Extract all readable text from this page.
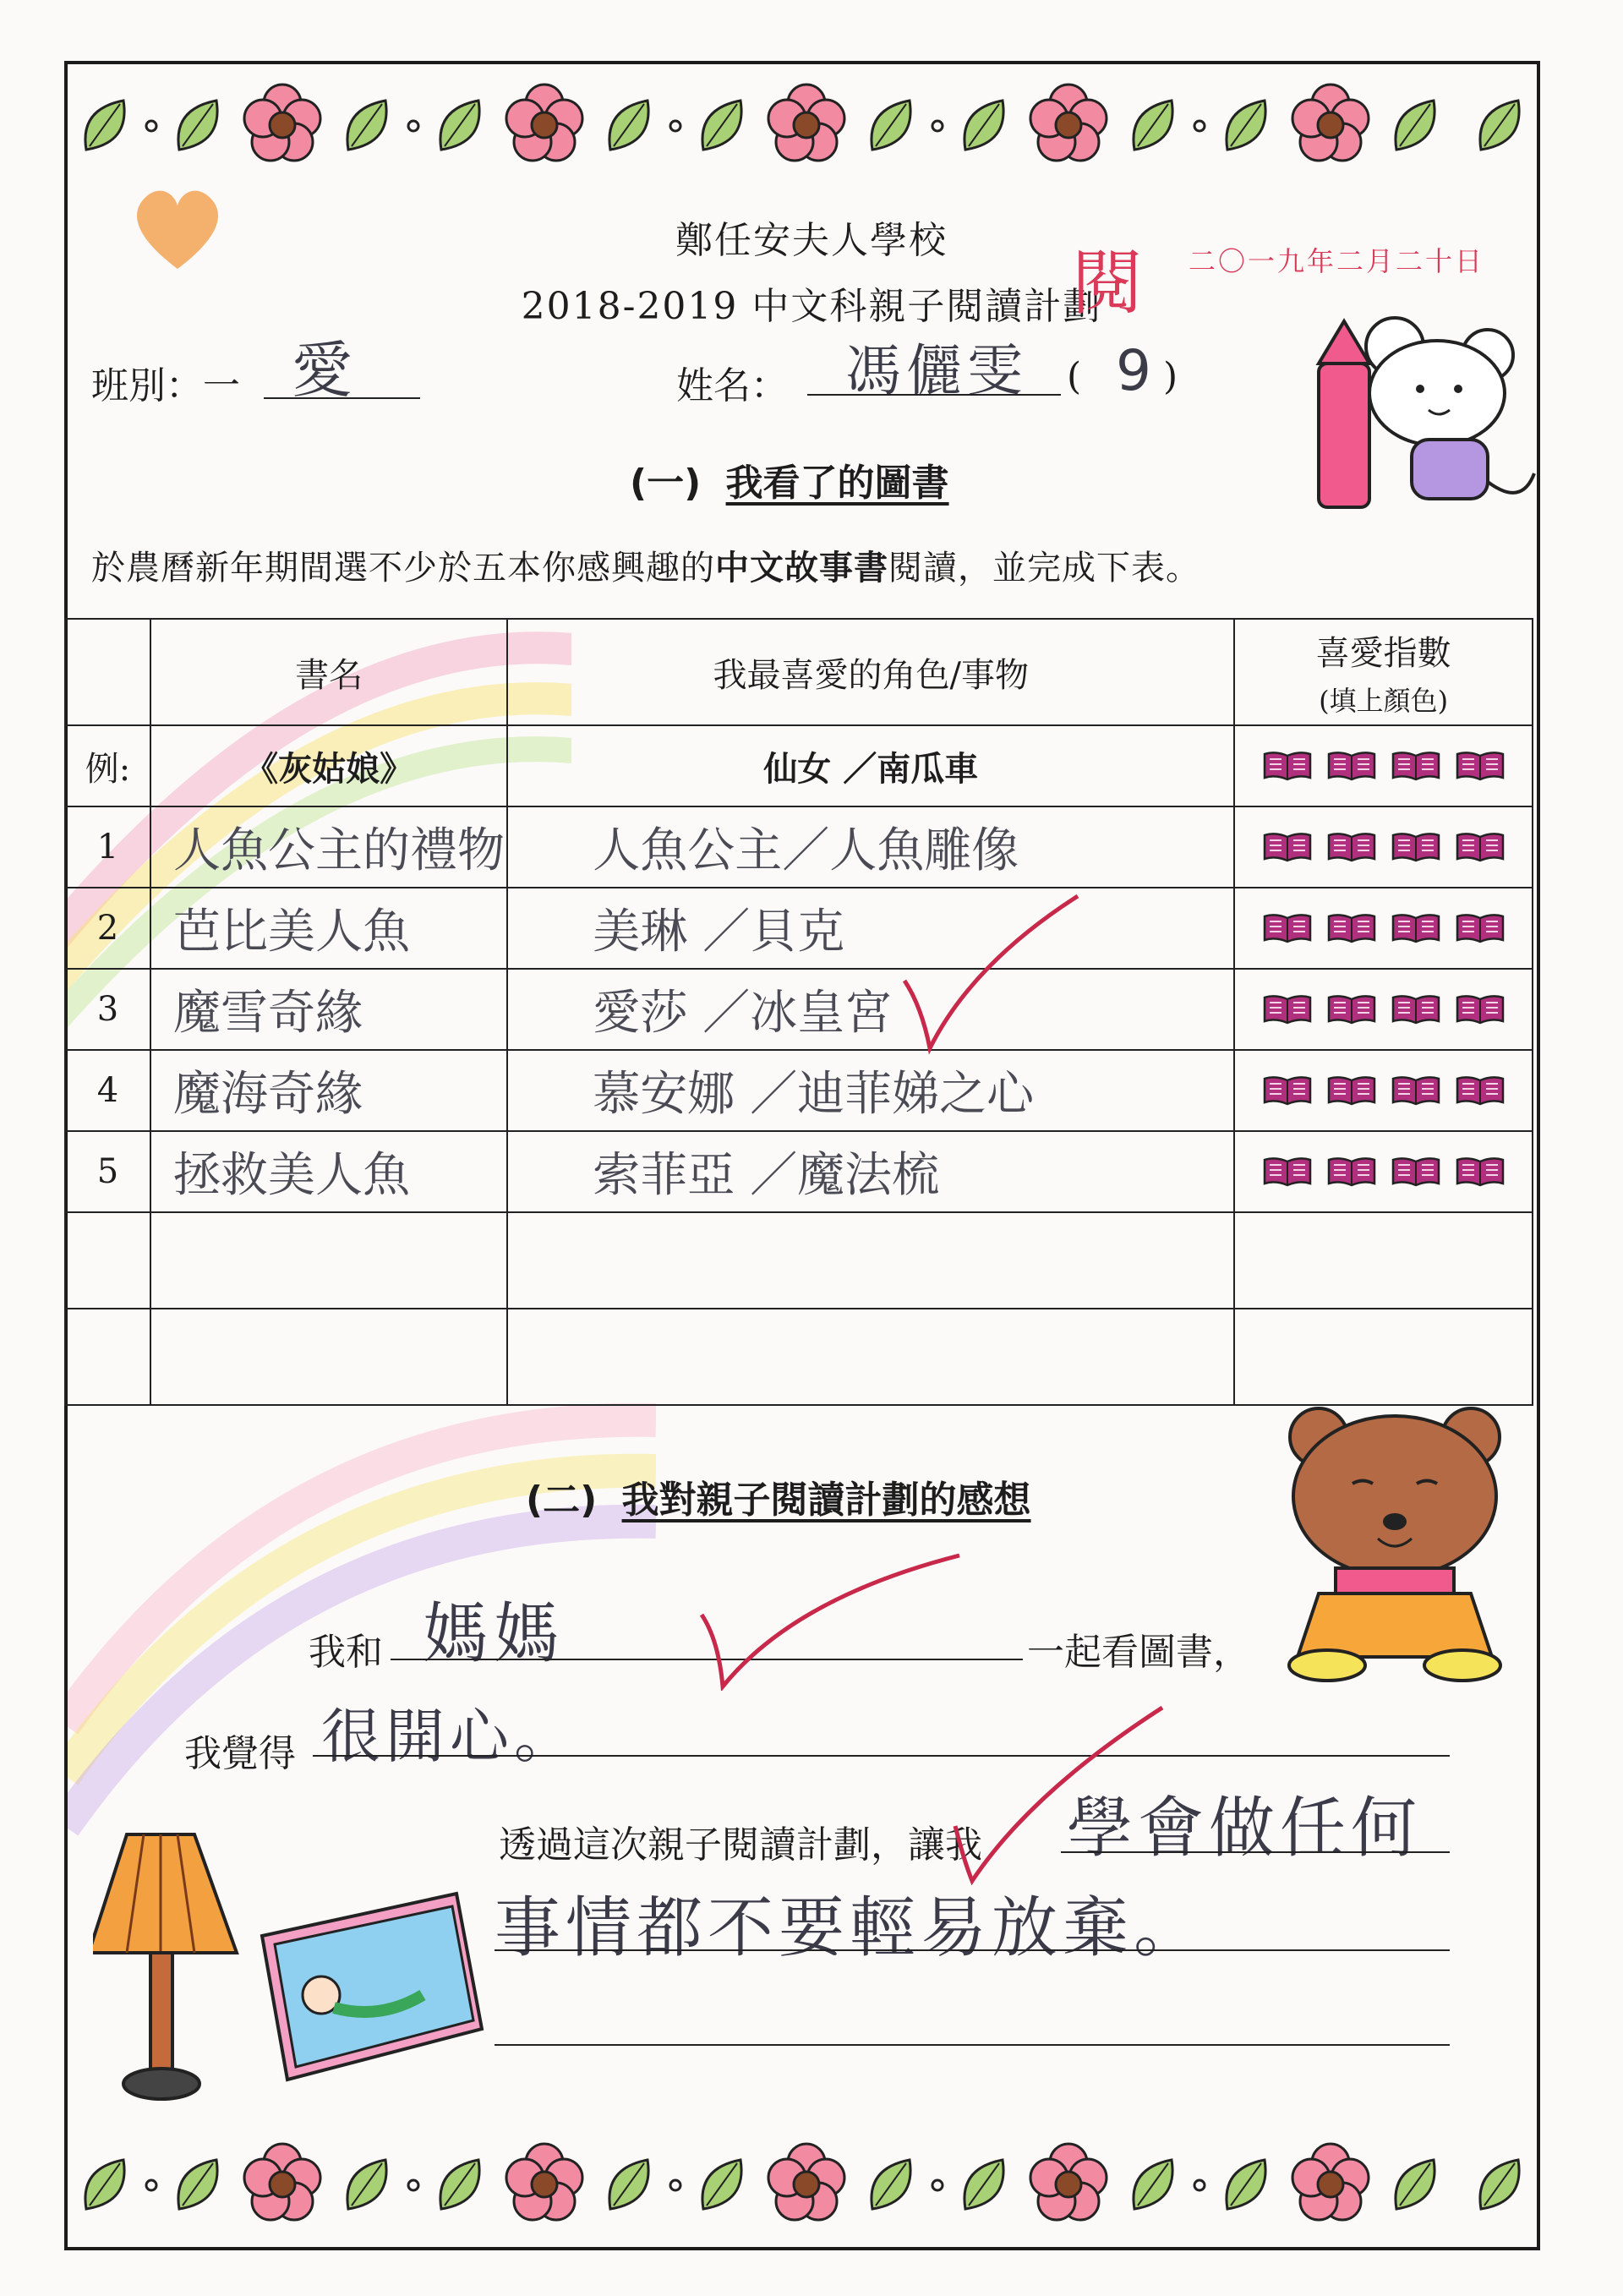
鄭任安夫人學校
2018-2019 中文科親子閱讀計劃
閱 二〇一九年二月二十日
班別：一 愛	姓名： 馮儷雯 ( 9 )
(一) 我看了的圖書
於農曆新年期間選不少於五本你感興趣的中文故事書閱讀，並完成下表。
	書名	我最喜愛的角色/事物	喜愛指數
(填上顏色)

例:	《灰姑娘》	仙女 ／南瓜車	

1	人魚公主的禮物	人魚公主／人魚雕像	

2	芭比美人魚	美琳 ／貝克	

3	魔雪奇緣	愛莎 ／冰皇宮	

4	魔海奇緣	慕安娜 ／迪菲娣之心	

5	拯救美人魚	索菲亞 ／魔法梳	

(二) 我對親子閱讀計劃的感想
我和 媽媽	一起看圖書，
我覺得 很開心。
透過這次親子閱讀計劃，讓我 學會做任何
事情都不要輕易放棄。
